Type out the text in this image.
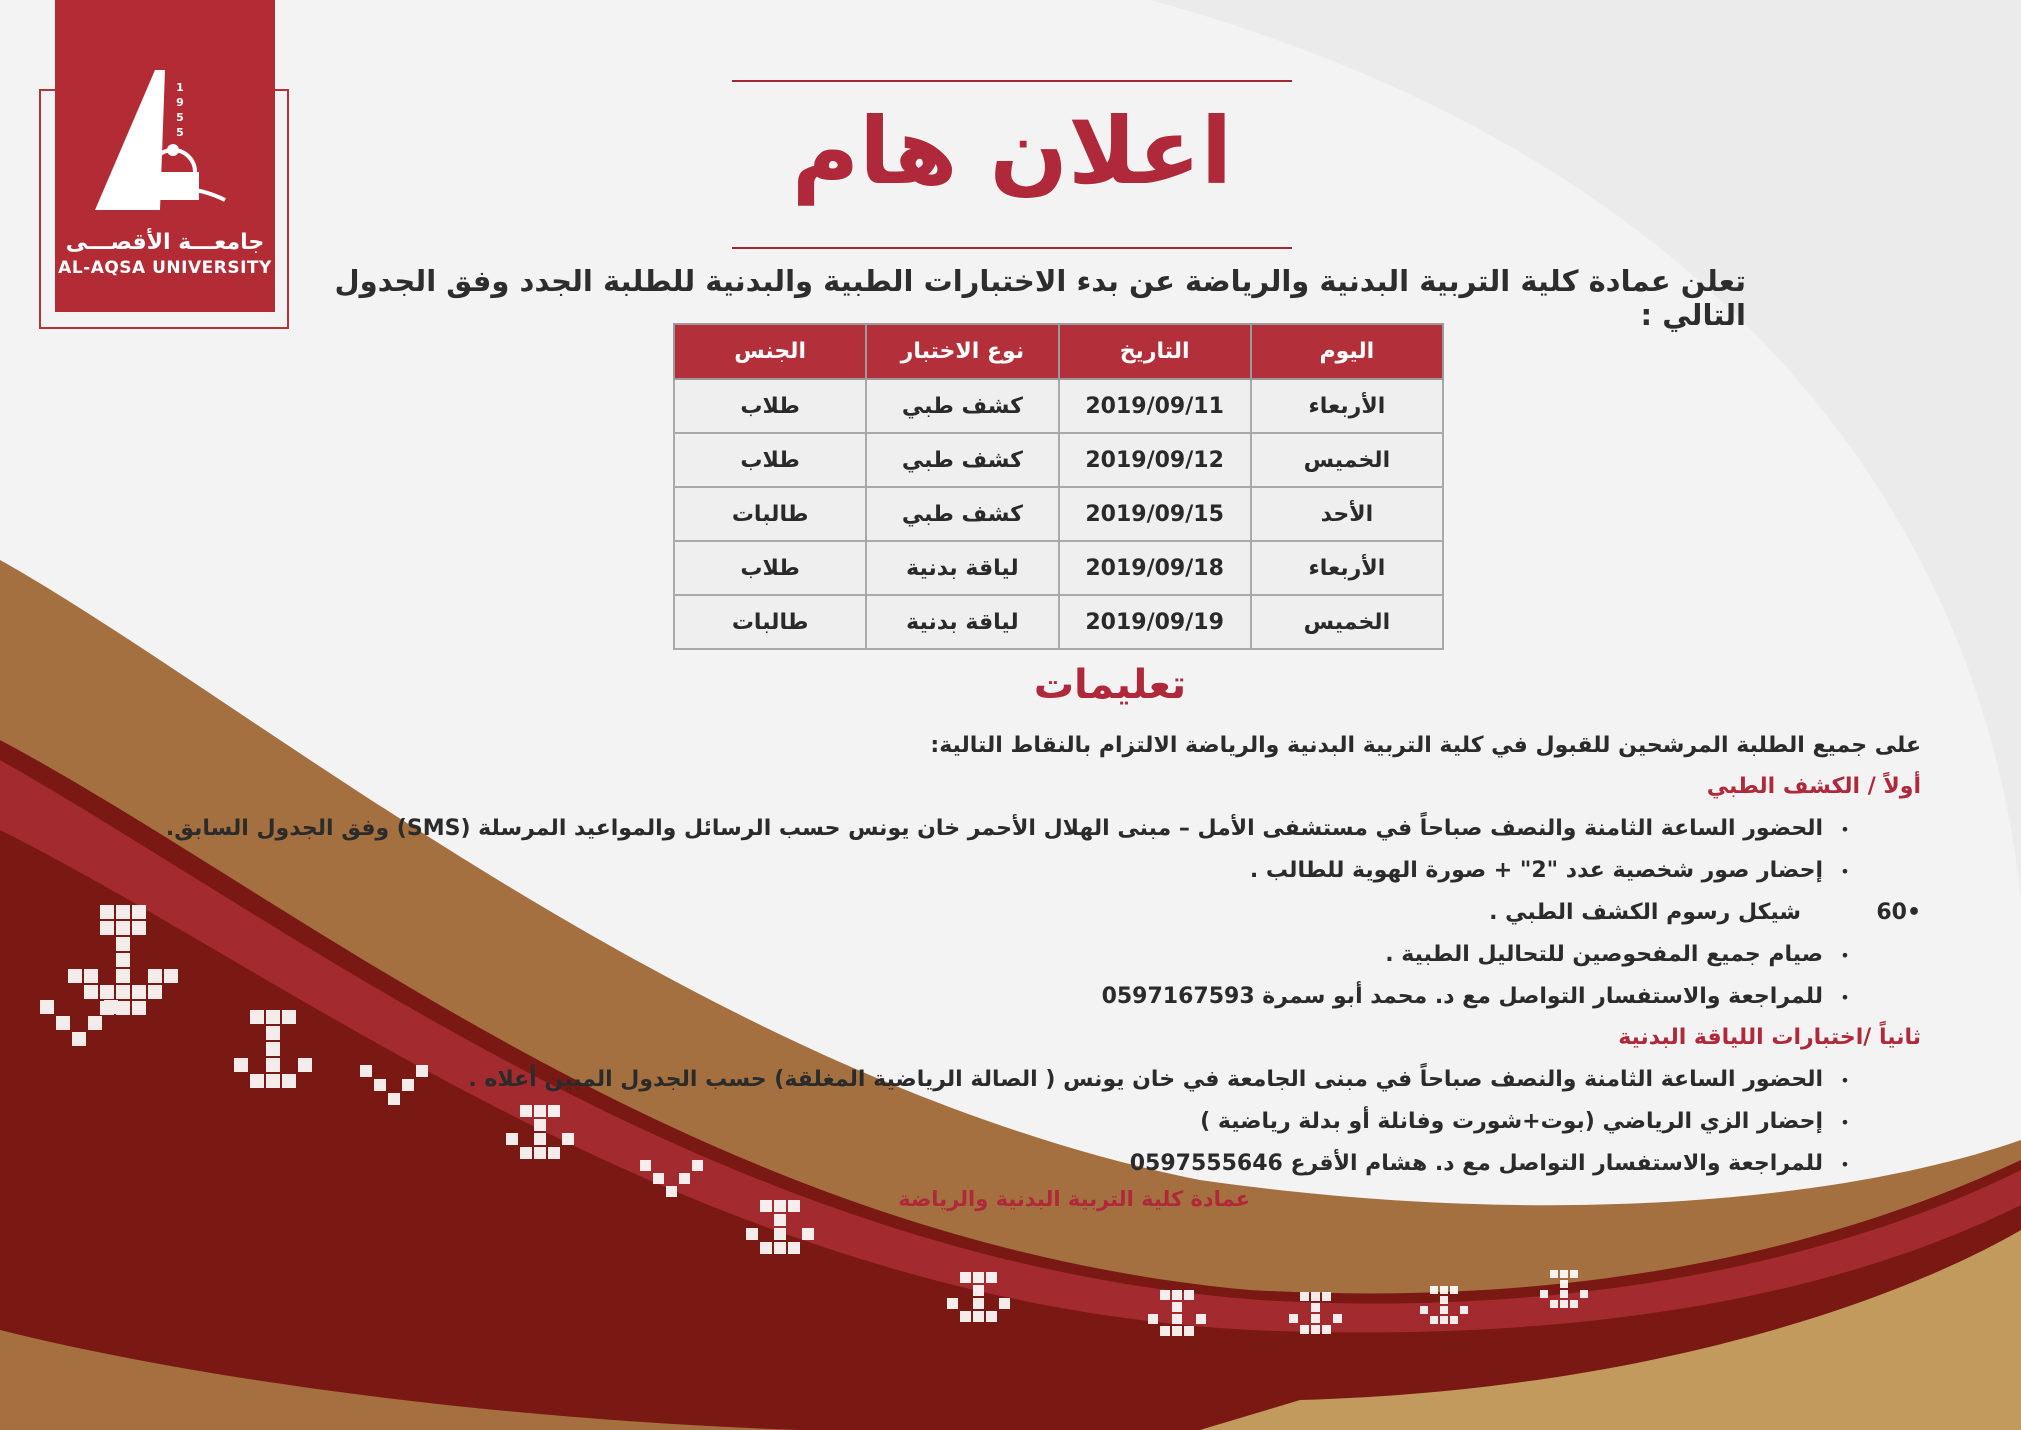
1
9
5
5
جامعـــة الأقصـــى
AL-AQSA UNIVERSITY
اعلان هام
تعلن عمادة كلية التربية البدنية والرياضة عن بدء الاختبارات الطبية والبدنية للطلبة الجدد وفق الجدول التالي :
اليوم	التاريخ	نوع الاختبار	الجنس
الأربعاء	2019/09/11	كشف طبي	طلاب
الخميس	2019/09/12	كشف طبي	طلاب
الأحد	2019/09/15	كشف طبي	طالبات
الأربعاء	2019/09/18	لياقة بدنية	طلاب
الخميس	2019/09/19	لياقة بدنية	طالبات
تعليمات
على جميع الطلبة المرشحين للقبول في كلية التربية البدنية والرياضة الالتزام بالنقاط التالية:
أولاً / الكشف الطبي
•
الحضور الساعة الثامنة والنصف صباحاً في مستشفى الأمل – مبنى الهلال الأحمر خان يونس حسب الرسائل والمواعيد المرسلة (SMS) وفق الجدول السابق.
•
إحضار صور شخصية عدد "2" + صورة الهوية للطالب .
•60
شيكل رسوم الكشف الطبي .
•
صيام جميع المفحوصين للتحاليل الطبية .
•
للمراجعة والاستفسار التواصل مع د. محمد أبو سمرة 0597167593
ثانياً /اختبارات اللياقة البدنية
•
الحضور الساعة الثامنة والنصف صباحاً في مبنى الجامعة في خان يونس ( الصالة الرياضية المغلقة) حسب الجدول المبين أعلاه .
•
إحضار الزي الرياضي (بوت+شورت وفانلة أو بدلة رياضية )
•
للمراجعة والاستفسار التواصل مع د. هشام الأقرع 0597555646
عمادة كلية التربية البدنية والرياضة
